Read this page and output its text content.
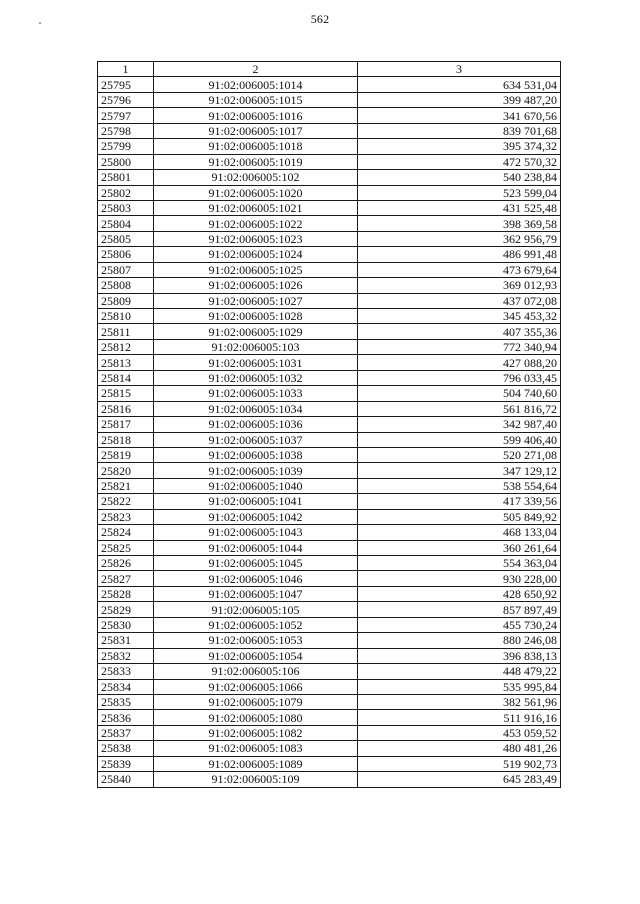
562
1	2	3
25795	91:02:006005:1014	634 531,04
25796	91:02:006005:1015	399 487,20
25797	91:02:006005:1016	341 670,56
25798	91:02:006005:1017	839 701,68
25799	91:02:006005:1018	395 374,32
25800	91:02:006005:1019	472 570,32
25801	91:02:006005:102	540 238,84
25802	91:02:006005:1020	523 599,04
25803	91:02:006005:1021	431 525,48
25804	91:02:006005:1022	398 369,58
25805	91:02:006005:1023	362 956,79
25806	91:02:006005:1024	486 991,48
25807	91:02:006005:1025	473 679,64
25808	91:02:006005:1026	369 012,93
25809	91:02:006005:1027	437 072,08
25810	91:02:006005:1028	345 453,32
25811	91:02:006005:1029	407 355,36
25812	91:02:006005:103	772 340,94
25813	91:02:006005:1031	427 088,20
25814	91:02:006005:1032	796 033,45
25815	91:02:006005:1033	504 740,60
25816	91:02:006005:1034	561 816,72
25817	91:02:006005:1036	342 987,40
25818	91:02:006005:1037	599 406,40
25819	91:02:006005:1038	520 271,08
25820	91:02:006005:1039	347 129,12
25821	91:02:006005:1040	538 554,64
25822	91:02:006005:1041	417 339,56
25823	91:02:006005:1042	505 849,92
25824	91:02:006005:1043	468 133,04
25825	91:02:006005:1044	360 261,64
25826	91:02:006005:1045	554 363,04
25827	91:02:006005:1046	930 228,00
25828	91:02:006005:1047	428 650,92
25829	91:02:006005:105	857 897,49
25830	91:02:006005:1052	455 730,24
25831	91:02:006005:1053	880 246,08
25832	91:02:006005:1054	396 838,13
25833	91:02:006005:106	448 479,22
25834	91:02:006005:1066	535 995,84
25835	91:02:006005:1079	382 561,96
25836	91:02:006005:1080	511 916,16
25837	91:02:006005:1082	453 059,52
25838	91:02:006005:1083	480 481,26
25839	91:02:006005:1089	519 902,73
25840	91:02:006005:109	645 283,49
